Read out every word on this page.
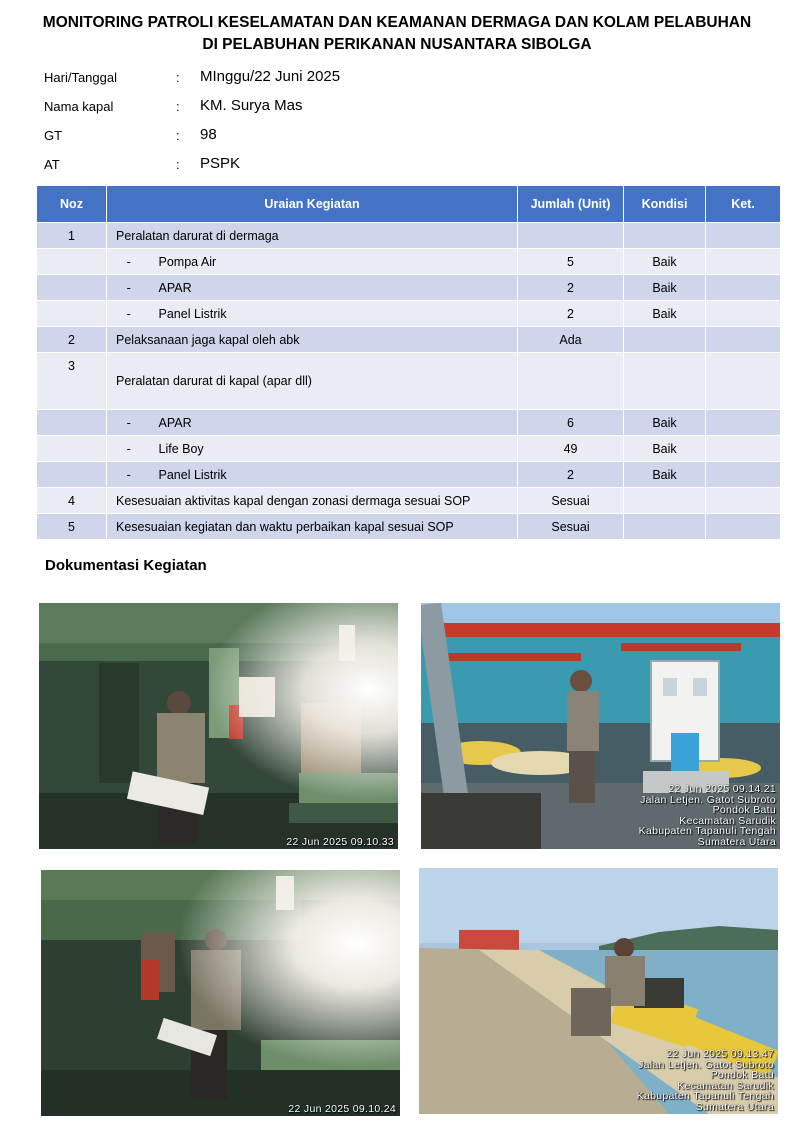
MONITORING PATROLI KESELAMATAN DAN KEAMANAN DERMAGA DAN KOLAM PELABUHAN
DI PELABUHAN PERIKANAN NUSANTARA SIBOLGA
Hari/Tanggal	: MInggu/22 Juni 2025
Nama kapal	: KM. Surya Mas
GT	: 98
AT	: PSPK
Noz	Uraian Kegiatan		Jumlah (Unit)	Kondisi	Ket.
1	Peralatan darurat di dermaga				
	-	Pompa Air	5	Baik	
	-	APAR	2	Baik	
	-	Panel Listrik	2	Baik	
2	Pelaksanaan jaga kapal oleh abk		Ada		
3	Peralatan darurat di kapal (apar dll)				
	-	APAR	6	Baik	
	-	Life Boy	49	Baik	
	-	Panel Listrik	2	Baik	
4	Kesesuaian aktivitas kapal dengan zonasi dermaga sesuai SOP		Sesuai		
5	Kesesuaian kegiatan dan waktu perbaikan kapal sesuai SOP		Sesuai		
Dokumentasi Kegiatan
22 Jun 2025 09.10.33
22 Jun 2025 09.14.21
Jalan Letjen. Gatot Subroto
Pondok Batu
Kecamatan Sarudik
Kabupaten Tapanuli Tengah
Sumatera Utara
22 Jun 2025 09.10.24
22 Jun 2025 09.13.47
Jalan Letjen. Gatot Subroto
Pondok Batu
Kecamatan Sarudik
Kabupaten Tapanuli Tengah
Sumatera Utara
